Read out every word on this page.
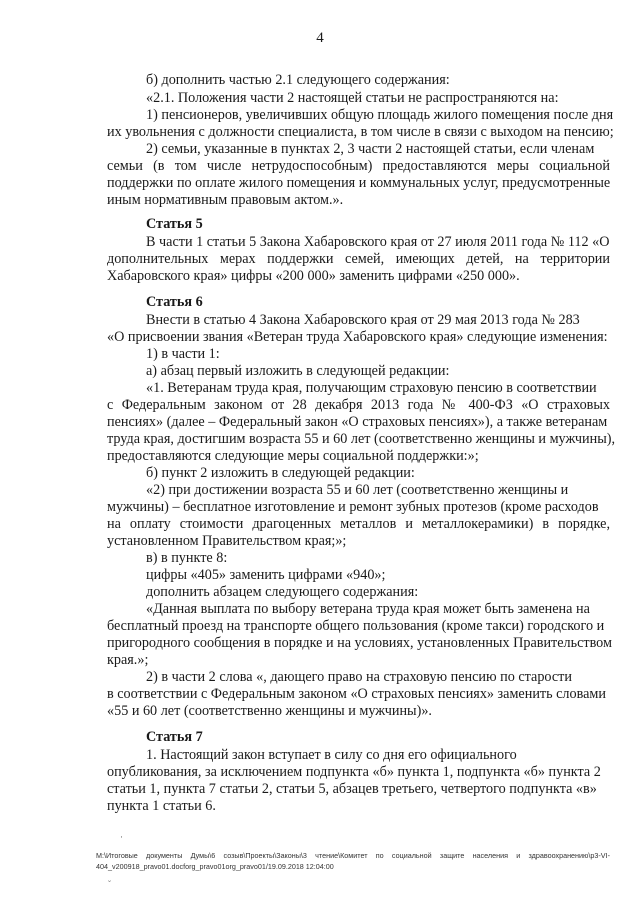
4
б) дополнить частью 2.1 следующего содержания:
«2.1. Положения части 2 настоящей статьи не распространяются на:
1) пенсионеров, увеличивших общую площадь жилого помещения после дня
их увольнения с должности специалиста, в том числе в связи с выходом на пенсию;
2) семьи, указанные в пунктах 2, 3 части 2 настоящей статьи, если членам
семьи (в том числе нетрудоспособным) предоставляются меры социальной
поддержки по оплате жилого помещения и коммунальных услуг, предусмотренные
иным нормативным правовым актом.».
Статья 5
В части 1 статьи 5 Закона Хабаровского края от 27 июля 2011 года № 112 «О
дополнительных мерах поддержки семей, имеющих детей, на территории
Хабаровского края» цифры «200 000» заменить цифрами «250 000».
Статья 6
Внести в статью 4 Закона Хабаровского края от 29 мая 2013 года № 283
«О присвоении звания «Ветеран труда Хабаровского края» следующие изменения:
1) в части 1:
а) абзац первый изложить в следующей редакции:
«1. Ветеранам труда края, получающим страховую пенсию в соответствии
с Федеральным законом от 28 декабря 2013 года № 400-ФЗ «О страховых
пенсиях» (далее – Федеральный закон «О страховых пенсиях»), а также ветеранам
труда края, достигшим возраста 55 и 60 лет (соответственно женщины и мужчины),
предоставляются следующие меры социальной поддержки:»;
б) пункт 2 изложить в следующей редакции:
«2) при достижении возраста 55 и 60 лет (соответственно женщины и
мужчины) – бесплатное изготовление и ремонт зубных протезов (кроме расходов
на оплату стоимости драгоценных металлов и металлокерамики) в порядке,
установленном Правительством края;»;
в) в пункте 8:
цифры «405» заменить цифрами «940»;
дополнить абзацем следующего содержания:
«Данная выплата по выбору ветерана труда края может быть заменена на
бесплатный проезд на транспорте общего пользования (кроме такси) городского и
пригородного сообщения в порядке и на условиях, установленных Правительством
края.»;
2) в части 2 слова «, дающего право на страховую пенсию по старости
в соответствии с Федеральным законом «О страховых пенсиях» заменить словами
«55 и 60 лет (соответственно женщины и мужчины)».
Статья 7
1. Настоящий закон вступает в силу со дня его официального
опубликования, за исключением подпункта «б» пункта 1, подпункта «б» пункта 2
статьи 1, пункта 7 статьи 2, статьи 5, абзацев третьего, четвертого подпункта «в»
пункта 1 статьи 6.
·
M:\Итоговые документы Думы\6 созыв\Проекты\Законы\3 чтение\Комитет по социальной защите населения и здравоохранению\p3-VI-
404_v200918_pravo01.docforg_pravo01org_pravo01/19.09.2018 12:04:00
˘
